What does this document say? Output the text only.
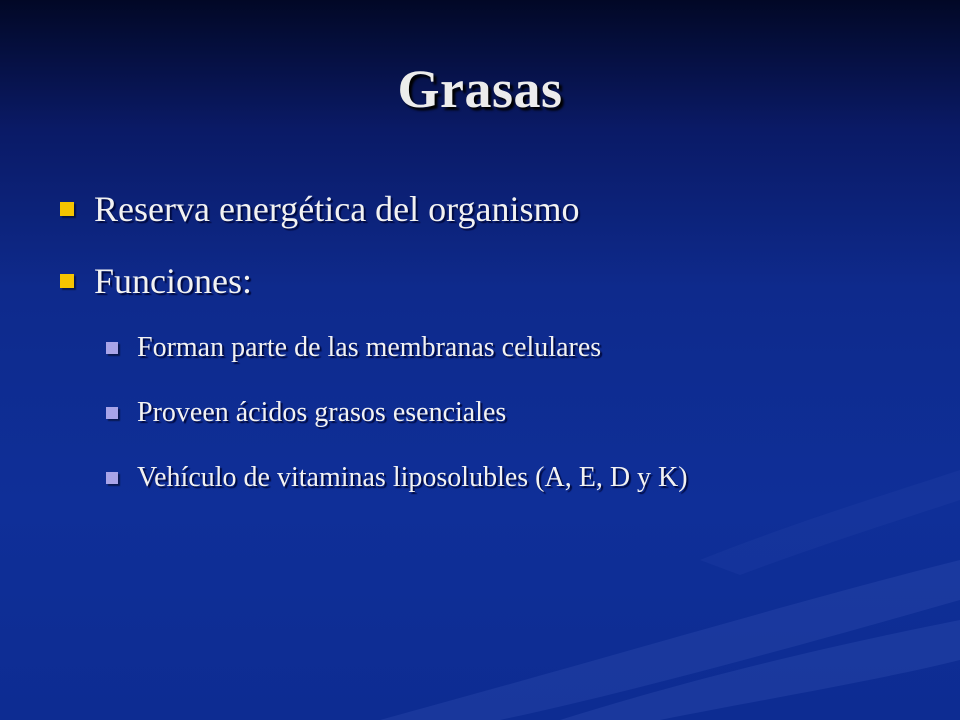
Grasas
Reserva energética del organismo
Funciones:
Forman parte de las membranas celulares
Proveen ácidos grasos esenciales
Vehículo de vitaminas liposolubles (A, E, D y K)
